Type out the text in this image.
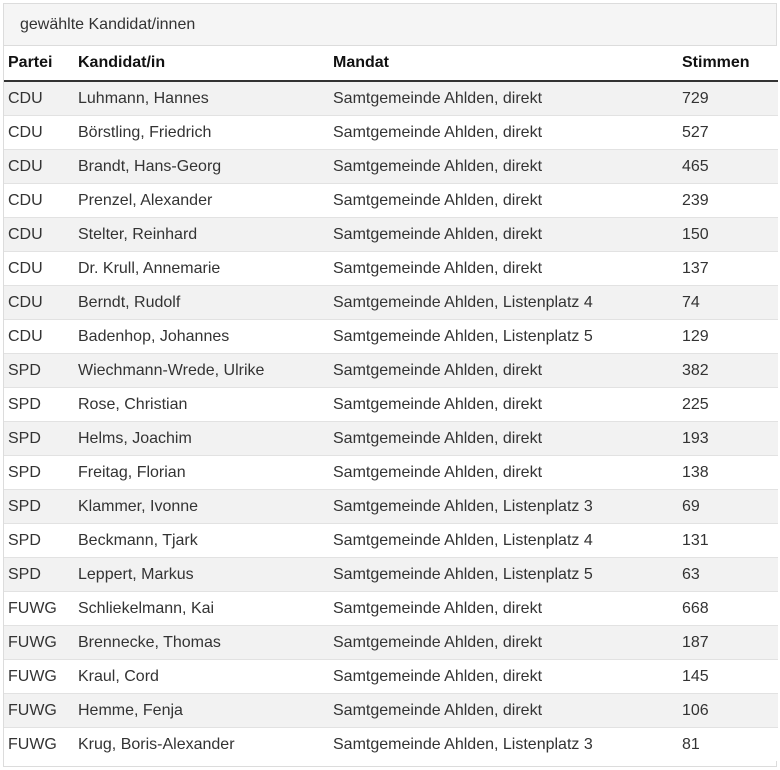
gewählte Kandidat/innen
Partei	Kandidat/in	Mandat	Stimmen
CDU	Luhmann, Hannes	Samtgemeinde Ahlden, direkt	729
CDU	Börstling, Friedrich	Samtgemeinde Ahlden, direkt	527
CDU	Brandt, Hans-Georg	Samtgemeinde Ahlden, direkt	465
CDU	Prenzel, Alexander	Samtgemeinde Ahlden, direkt	239
CDU	Stelter, Reinhard	Samtgemeinde Ahlden, direkt	150
CDU	Dr. Krull, Annemarie	Samtgemeinde Ahlden, direkt	137
CDU	Berndt, Rudolf	Samtgemeinde Ahlden, Listenplatz 4	74
CDU	Badenhop, Johannes	Samtgemeinde Ahlden, Listenplatz 5	129
SPD	Wiechmann-Wrede, Ulrike	Samtgemeinde Ahlden, direkt	382
SPD	Rose, Christian	Samtgemeinde Ahlden, direkt	225
SPD	Helms, Joachim	Samtgemeinde Ahlden, direkt	193
SPD	Freitag, Florian	Samtgemeinde Ahlden, direkt	138
SPD	Klammer, Ivonne	Samtgemeinde Ahlden, Listenplatz 3	69
SPD	Beckmann, Tjark	Samtgemeinde Ahlden, Listenplatz 4	131
SPD	Leppert, Markus	Samtgemeinde Ahlden, Listenplatz 5	63
FUWG	Schliekelmann, Kai	Samtgemeinde Ahlden, direkt	668
FUWG	Brennecke, Thomas	Samtgemeinde Ahlden, direkt	187
FUWG	Kraul, Cord	Samtgemeinde Ahlden, direkt	145
FUWG	Hemme, Fenja	Samtgemeinde Ahlden, direkt	106
FUWG	Krug, Boris-Alexander	Samtgemeinde Ahlden, Listenplatz 3	81
